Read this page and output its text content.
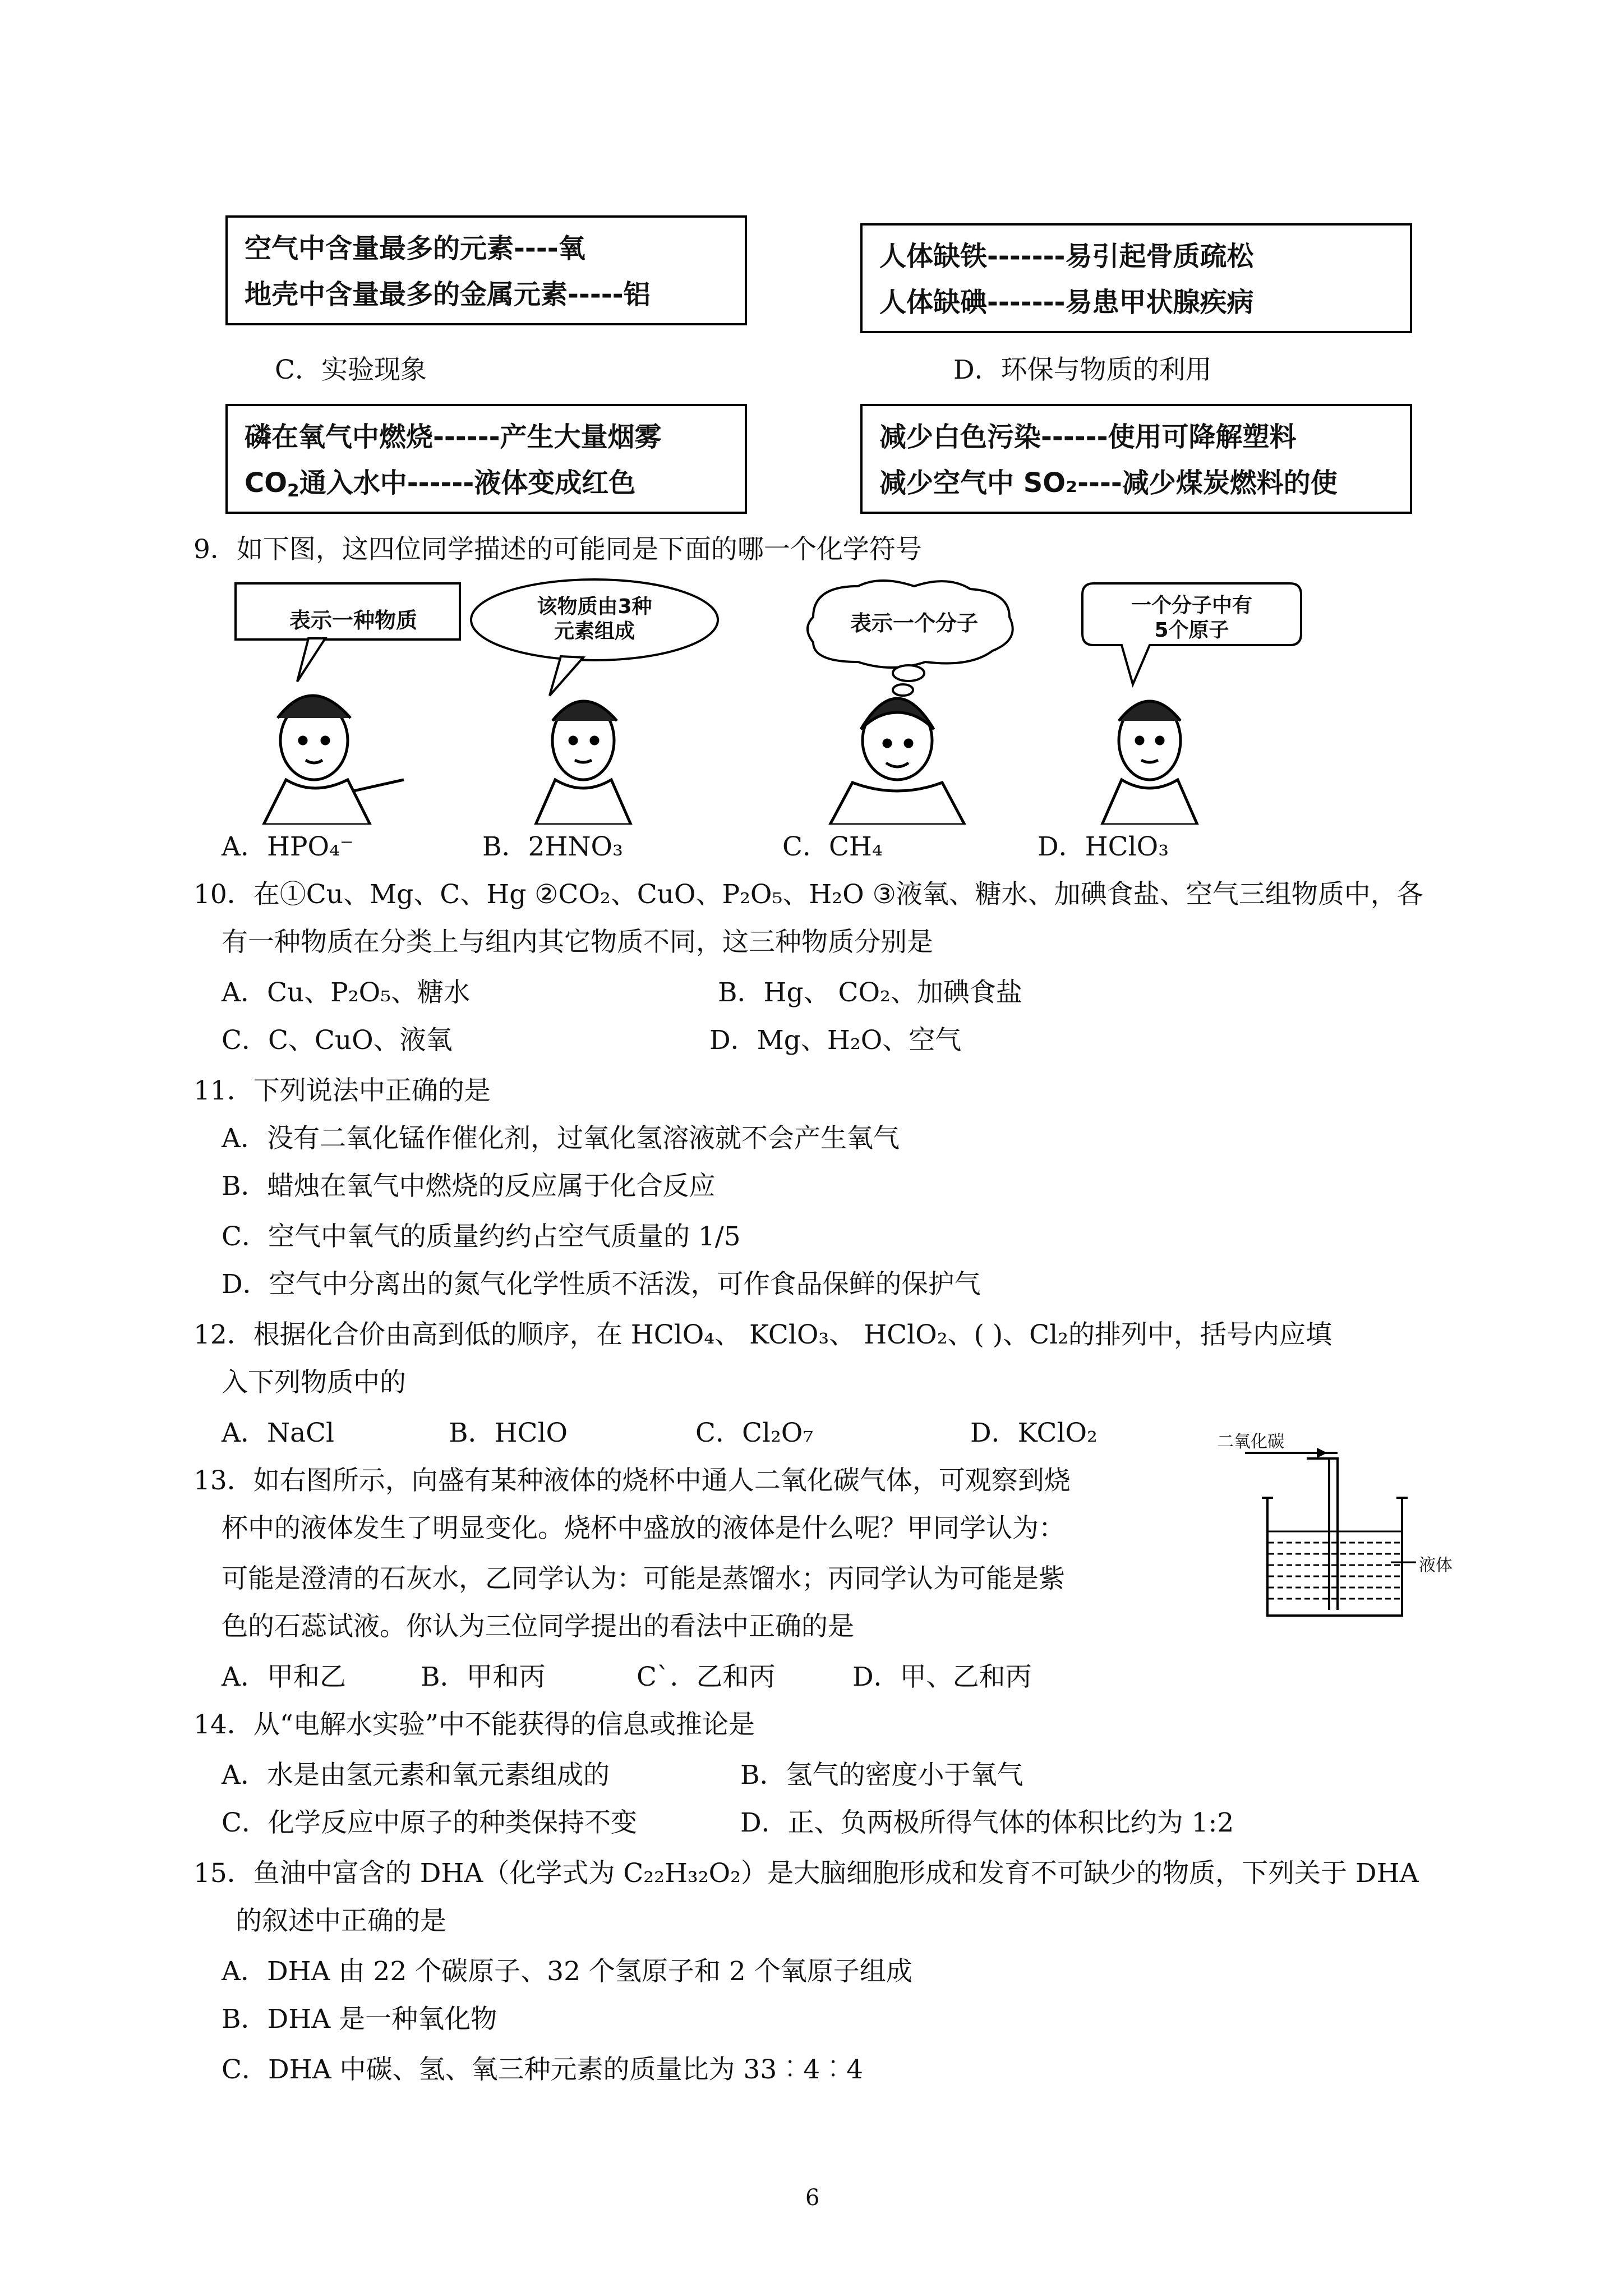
空气中含量最多的元素----氧
地壳中含量最多的金属元素-----铝
人体缺铁-------易引起骨质疏松
人体缺碘-------易患甲状腺疾病
C．实验现象	D．环保与物质的利用
磷在氧气中燃烧------产生大量烟雾
$CO_2$通入水中------液体变成红色
减少白色污染------使用可降解塑料
减少空气中 SO₂----减少煤炭燃料的使
9．如下图，这四位同学描述的可能同是下面的哪一个化学符号
表示一种物质
该物质由3种
元素组成	表示一个分子
一个分子中有
5个原子
A．HPO₄⁻	B．2HNO₃	C．CH₄	D．HClO₃
10．在①Cu、Mg、C、Hg ②CO₂、CuO、P₂O₅、H₂O ③液氧、糖水、加碘食盐、空气三组物质中，各
有一种物质在分类上与组内其它物质不同，这三种物质分别是
A．Cu、P₂O₅、糖水	B．Hg、 CO₂、加碘食盐
C．C、CuO、液氧	D．Mg、H₂O、空气
11．下列说法中正确的是
A．没有二氧化锰作催化剂，过氧化氢溶液就不会产生氧气
B．蜡烛在氧气中燃烧的反应属于化合反应
C．空气中氧气的质量约约占空气质量的 1/5
D．空气中分离出的氮气化学性质不活泼，可作食品保鲜的保护气
12．根据化合价由高到低的顺序，在 HClO₄、 KClO₃、 HClO₂、( )、Cl₂的排列中，括号内应填
入下列物质中的
A．NaCl	B．HClO	C．Cl₂O₇	D．KClO₂
13．如右图所示，向盛有某种液体的烧杯中通人二氧化碳气体，可观察到烧
杯中的液体发生了明显变化。烧杯中盛放的液体是什么呢？甲同学认为：
可能是澄清的石灰水，乙同学认为：可能是蒸馏水；丙同学认为可能是紫
色的石蕊试液。你认为三位同学提出的看法中正确的是
A．甲和乙	B．甲和丙	C`．乙和丙	D．甲、乙和丙
二氧化碳
液体
14．从“电解水实验”中不能获得的信息或推论是
A．水是由氢元素和氧元素组成的	B．氢气的密度小于氧气
C．化学反应中原子的种类保持不变	D．正、负两极所得气体的体积比约为 1:2
15．鱼油中富含的 DHA（化学式为 C₂₂H₃₂O₂）是大脑细胞形成和发育不可缺少的物质，下列关于 DHA
的叙述中正确的是
A．DHA 由 22 个碳原子、32 个氢原子和 2 个氧原子组成
B．DHA 是一种氧化物
C．DHA 中碳、氢、氧三种元素的质量比为 33︰4︰4
6
